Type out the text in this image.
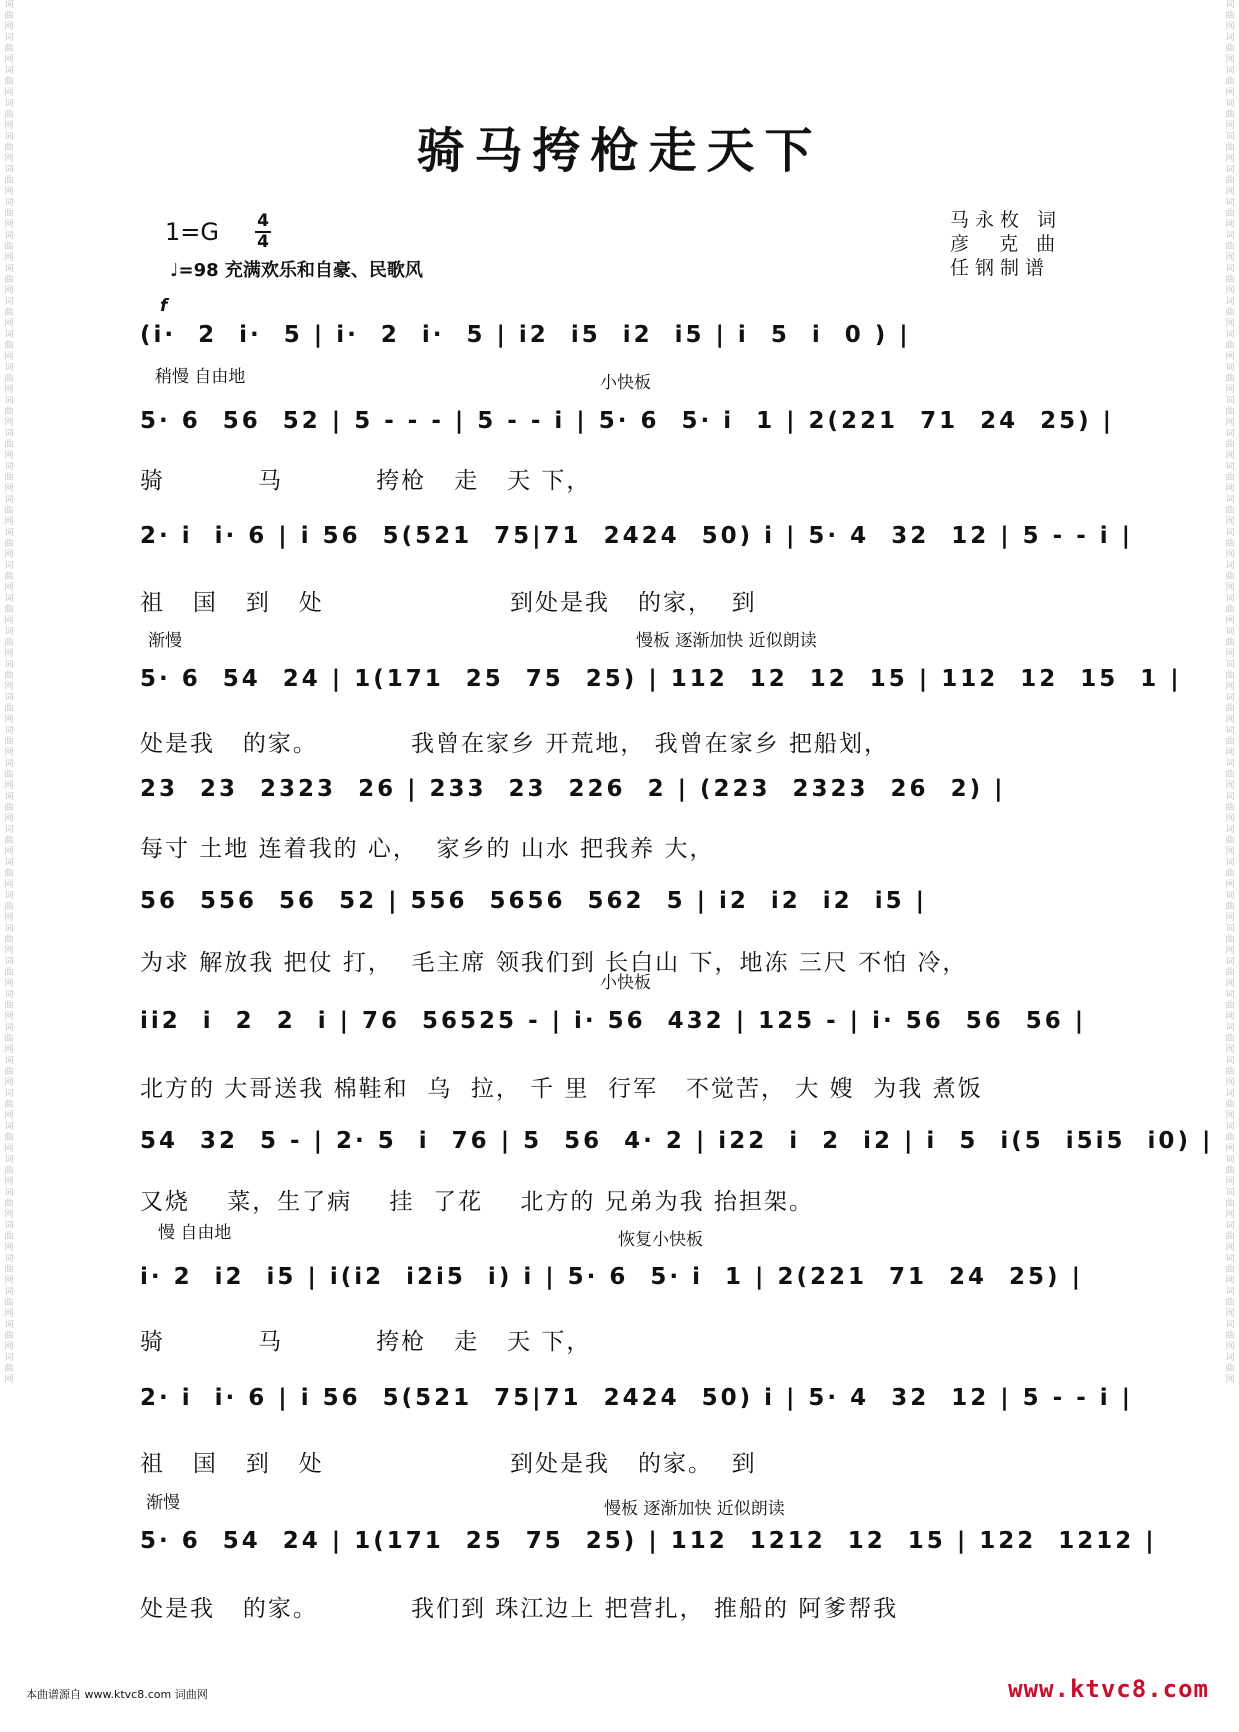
词曲网词曲网词曲网词曲网词曲网词曲网词曲网词曲网词曲网词曲网词曲网词曲网词曲网词曲网词曲网词曲网词曲网词曲网词曲网词曲网词曲网词曲网词曲网词曲网词曲网词曲网词曲网词曲网词曲网词曲网词曲网词曲网词曲网词曲网词曲网词曲网词曲网词曲网词曲网词曲网词曲网词曲网
词曲网词曲网词曲网词曲网词曲网词曲网词曲网词曲网词曲网词曲网词曲网词曲网词曲网词曲网词曲网词曲网词曲网词曲网词曲网词曲网词曲网词曲网词曲网词曲网词曲网词曲网词曲网词曲网词曲网词曲网词曲网词曲网词曲网词曲网词曲网词曲网词曲网词曲网词曲网词曲网词曲网词曲网
骑马挎枪走天下
1=G 4
4
♩=98 充满欢乐和自豪、民歌风
马永枚 词
彦  克 曲
任钢制谱
f
(i·  2  i·  5 | i·  2  i·  5 | i2  i5  i2  i5 | i  5  i  0 ) |
稍慢 自由地	小快板
5· 6  56  52 | 5 - - - | 5 - - i | 5· 6  5· i  1 | 2(221  71  24  25) |
骑          马          挎枪   走   天 下，
2· i  i· 6 | i 56  5(521  75|71  2424  50) i | 5· 4  32  12 | 5 - - i |
祖   国   到   处                    到处是我   的家，  到
渐慢	慢板 逐渐加快 近似朗读
5· 6  54  24 | 1(171  25  75  25) | 112  12  12  15 | 112  12  15  1 |
处是我   的家。          我曾在家乡 开荒地， 我曾在家乡 把船划，
23  23  2323  26 | 233  23  226  2 | (223  2323  26  2) |
每寸 土地 连着我的 心，  家乡的 山水 把我养 大，
56  556  56  52 | 556  5656  562  5 | i2  i2  i2  i5 |
为求 解放我 把仗 打，  毛主席 领我们到 长白山 下，地冻 三尺 不怕 冷，
小快板
ii2  i  2  2  i | 76  56525 - | i· 56  432 | 125 - | i· 56  56  56 |
北方的 大哥送我 棉鞋和  乌  拉， 千 里  行军   不觉苦， 大 嫂  为我 煮饭
54  32  5 - | 2· 5  i  76 | 5  56  4· 2 | i22  i  2  i2 | i  5  i(5  i5i5  i0) |
又烧    菜，生了病    挂  了花    北方的 兄弟为我 抬担架。
慢 自由地	恢复小快板
i· 2  i2  i5 | i(i2  i2i5  i) i | 5· 6  5· i  1 | 2(221  71  24  25) |
骑          马          挎枪   走   天 下，
2· i  i· 6 | i 56  5(521  75|71  2424  50) i | 5· 4  32  12 | 5 - - i |
祖   国   到   处                    到处是我   的家。  到
渐慢	慢板 逐渐加快 近似朗读
5· 6  54  24 | 1(171  25  75  25) | 112  1212  12  15 | 122  1212 |
处是我   的家。          我们到 珠江边上 把营扎， 推船的 阿爹帮我
本曲谱源自 www.ktvc8.com 词曲网	www.ktvc8.com
